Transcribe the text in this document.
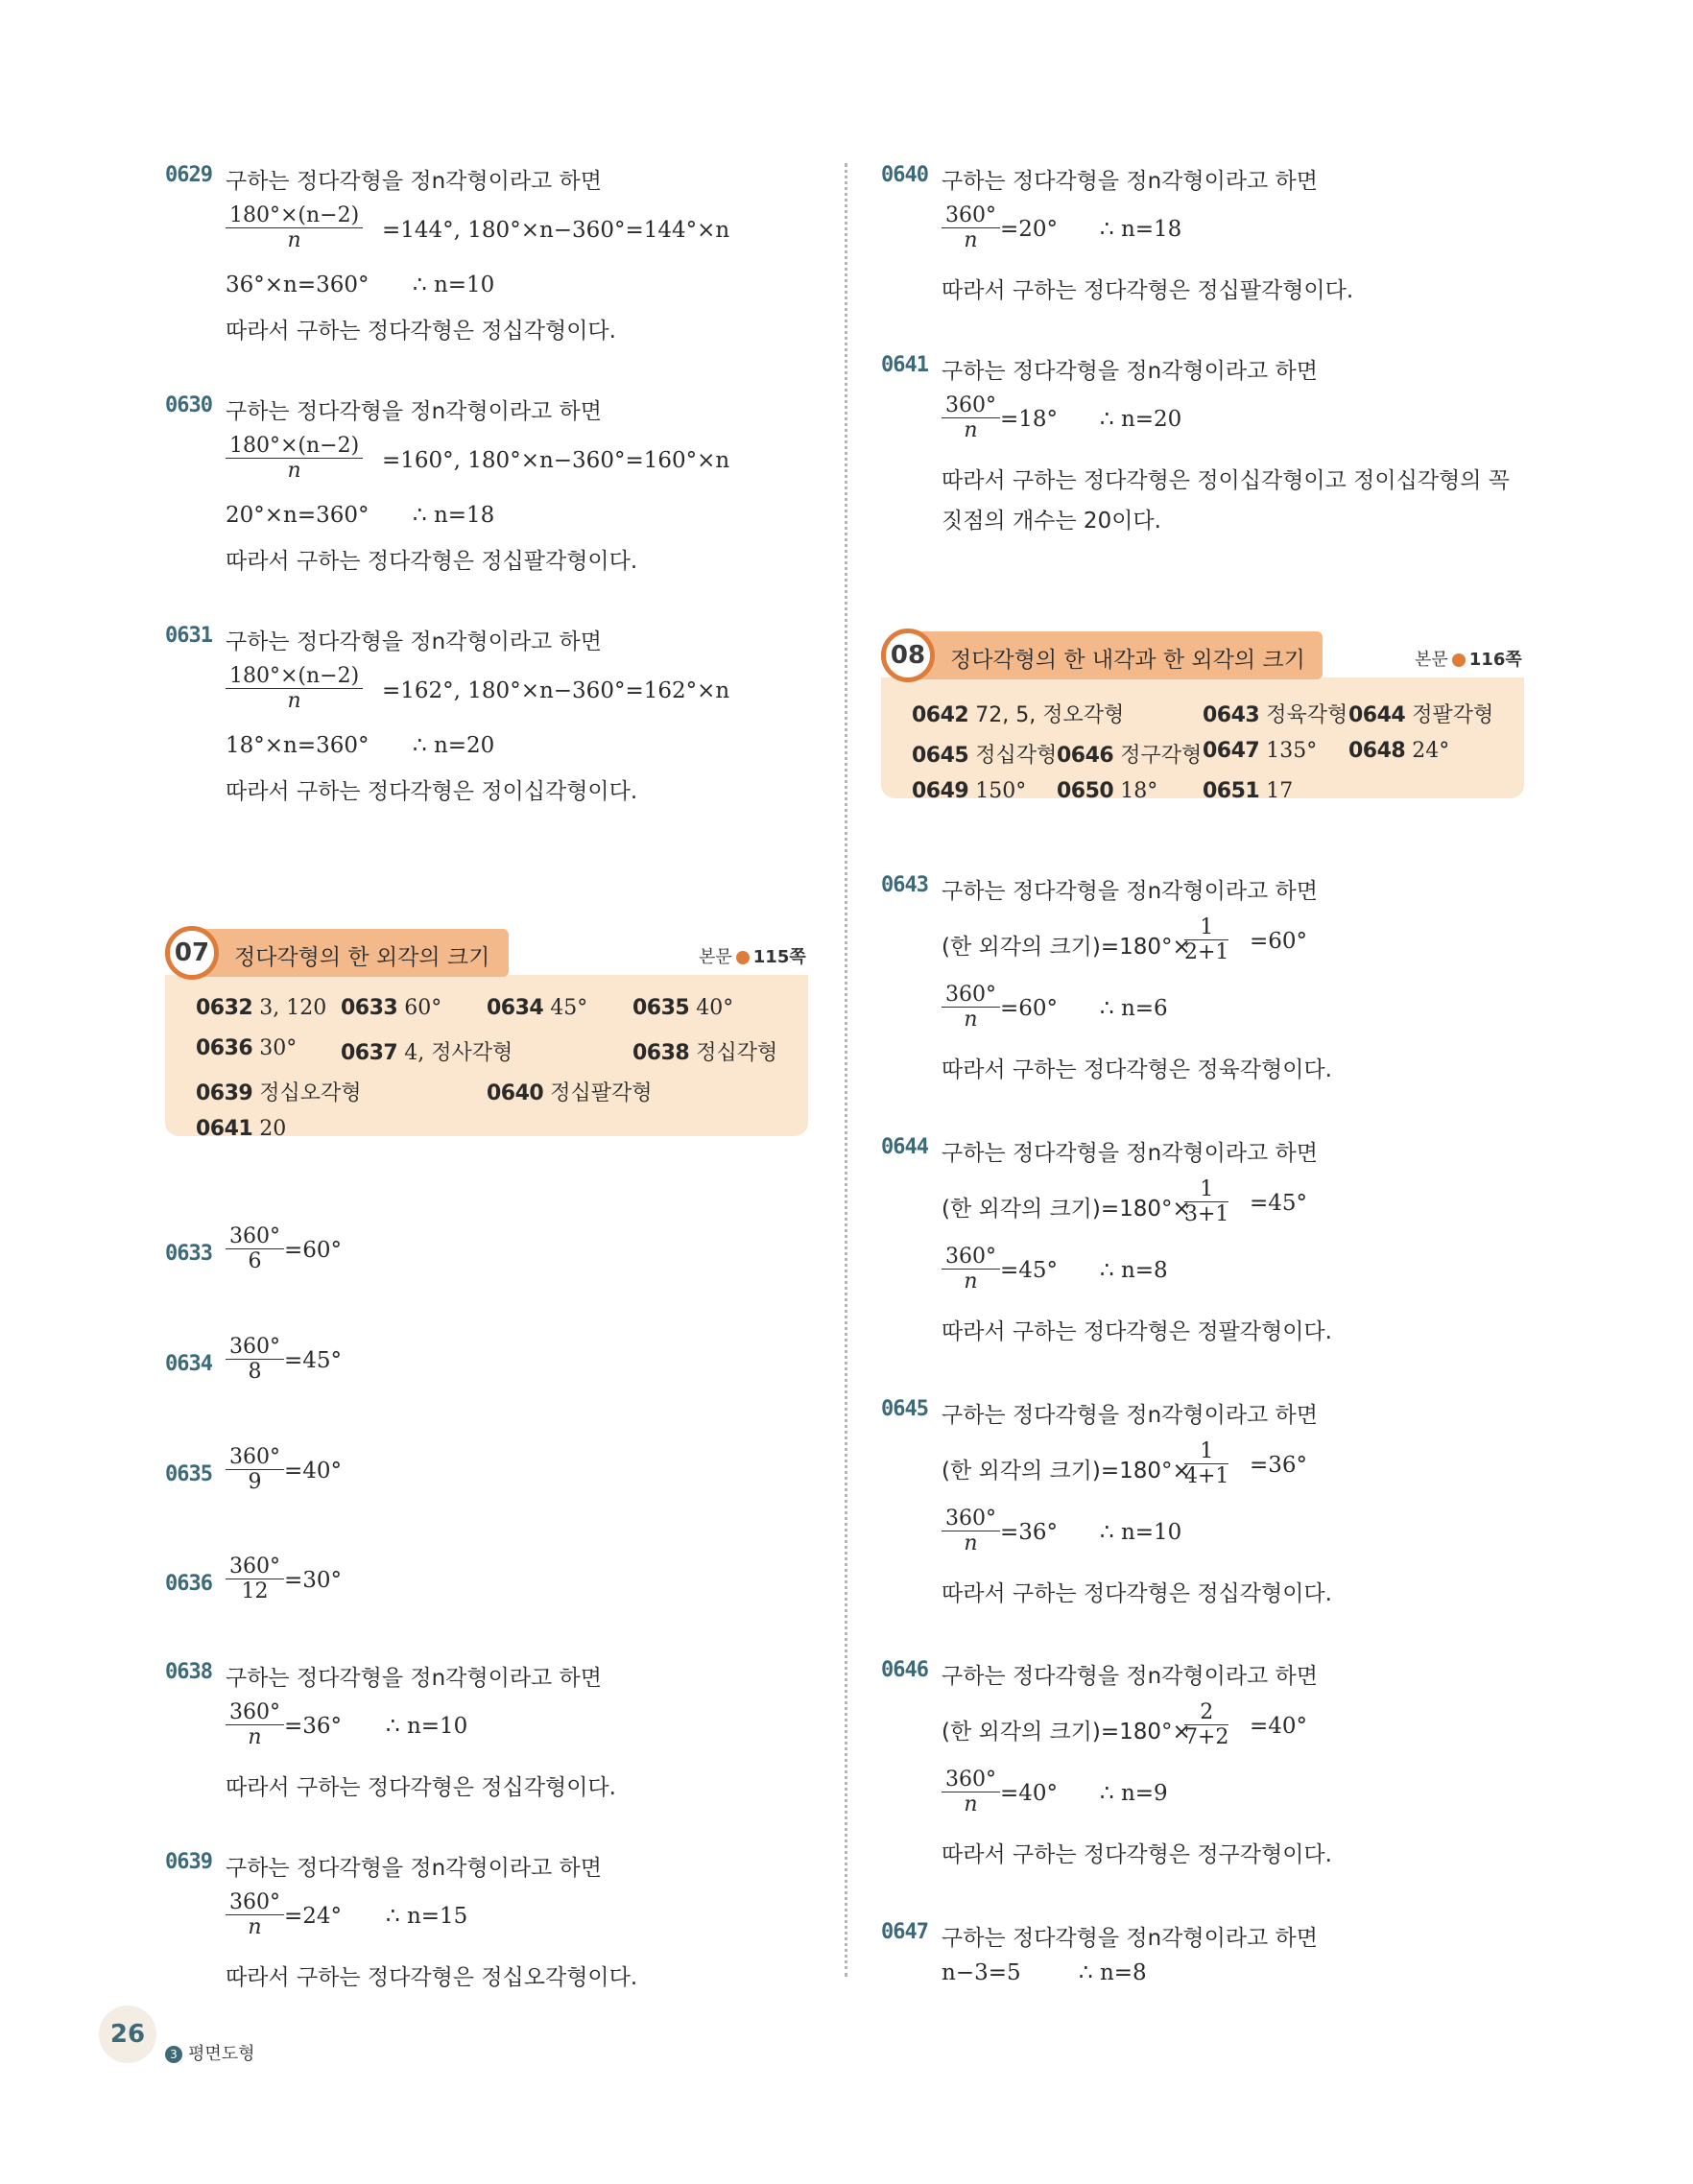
0629 구하는 정다각형을 정n각형이라고 하면
180°×(n−2)
n	=144°, 180°×n−360°=144°×n
36°×n=360° ∴ n=10
따라서 구하는 정다각형은 정십각형이다.
0630 구하는 정다각형을 정n각형이라고 하면
180°×(n−2)
n	=160°, 180°×n−360°=160°×n
20°×n=360° ∴ n=18
따라서 구하는 정다각형은 정십팔각형이다.
0631 구하는 정다각형을 정n각형이라고 하면
180°×(n−2)
n	=162°, 180°×n−360°=162°×n
18°×n=360° ∴ n=20
따라서 구하는 정다각형은 정이십각형이다.
07	정다각형의 한 외각의 크기	본문 115쪽
0632 3, 120 0633 60° 0634 45° 0635 40°
0636 30° 0637 4, 정사각형	0638 정십각형
0639 정십오각형	0640 정십팔각형
0641 20
0633
360°
6	=60°
0634
360°
8	=45°
0635
360°
9	=40°
0636
360°
12 =30°
0638 구하는 정다각형을 정n각형이라고 하면
360°
n	=36° ∴ n=10
따라서 구하는 정다각형은 정십각형이다.
0639 구하는 정다각형을 정n각형이라고 하면
360°
n	=24° ∴ n=15
따라서 구하는 정다각형은 정십오각형이다.
0640 구하는 정다각형을 정n각형이라고 하면
360°
n	=20° ∴ n=18
따라서 구하는 정다각형은 정십팔각형이다.
0641 구하는 정다각형을 정n각형이라고 하면
360°
n	=18° ∴ n=20
따라서 구하는 정다각형은 정이십각형이고 정이십각형의 꼭
짓점의 개수는 20이다.
08	정다각형의 한 내각과 한 외각의 크기	본문 116쪽
0642 72, 5, 정오각형	0643 정육각형 0644 정팔각형
0645 정십각형 0646 정구각형 0647 135° 0648 24°
0649 150° 0650 18° 0651 17
0643 구하는 정다각형을 정n각형이라고 하면
(한 외각의 크기)=180°×
1
2+1 =60°
360°
n	=60° ∴ n=6
따라서 구하는 정다각형은 정육각형이다.
0644 구하는 정다각형을 정n각형이라고 하면
(한 외각의 크기)=180°×
1
3+1 =45°
360°
n	=45° ∴ n=8
따라서 구하는 정다각형은 정팔각형이다.
0645 구하는 정다각형을 정n각형이라고 하면
(한 외각의 크기)=180°×
1
4+1 =36°
360°
n	=36° ∴ n=10
따라서 구하는 정다각형은 정십각형이다.
0646 구하는 정다각형을 정n각형이라고 하면
(한 외각의 크기)=180°×
2
7+2 =40°
360°
n	=40° ∴ n=9
따라서 구하는 정다각형은 정구각형이다.
0647 구하는 정다각형을 정n각형이라고 하면
n−3=5	∴ n=8
26
3 평면도형
